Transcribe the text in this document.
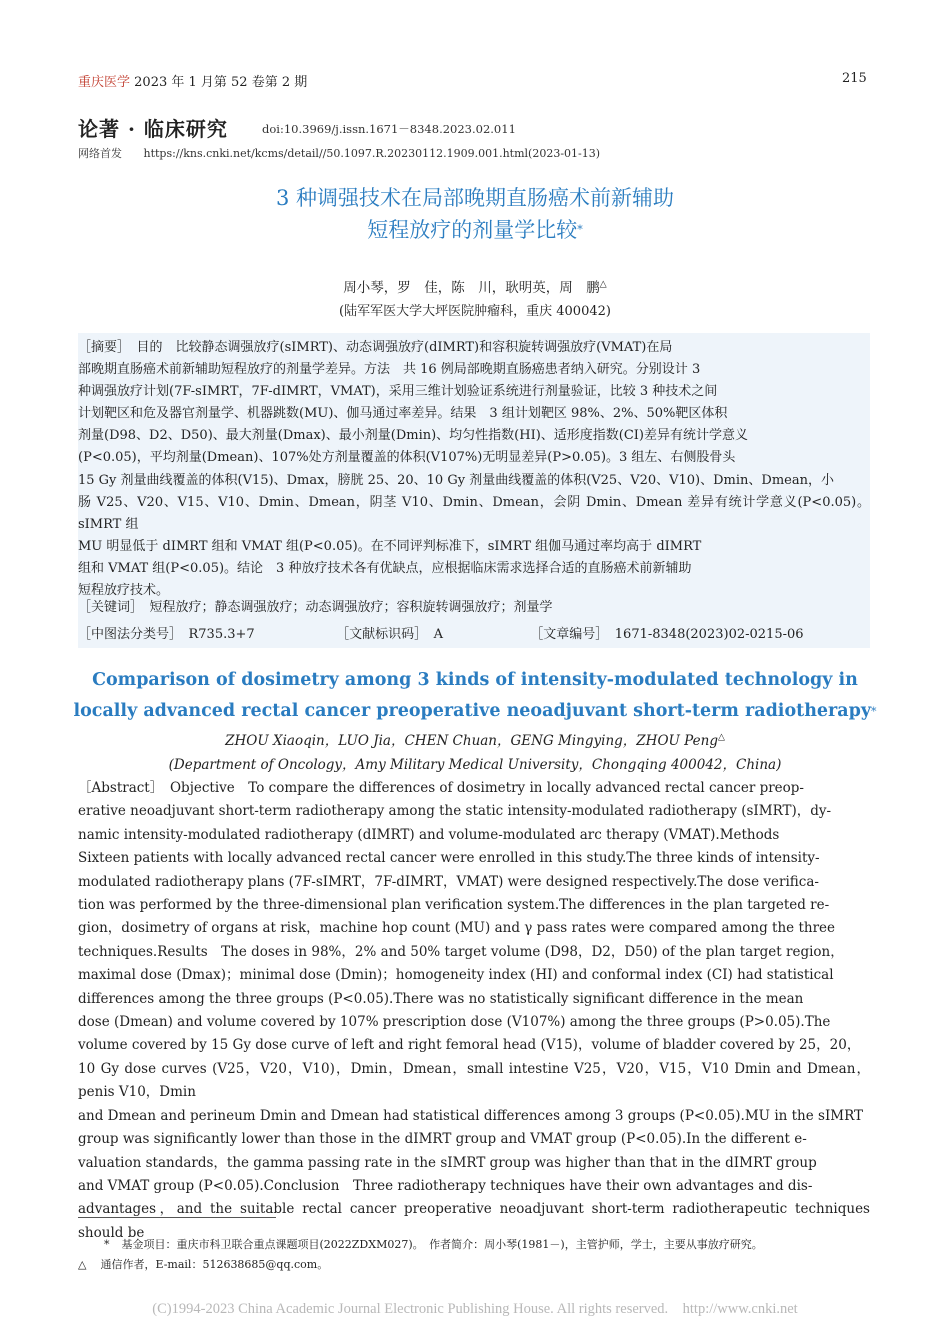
重庆医学 2023 年 1 月第 52 卷第 2 期	215
论著 · 临床研究	doi:10.3969/j.issn.1671－8348.2023.02.011
网络首发 https://kns.cnki.net/kcms/detail//50.1097.R.20230112.1909.001.html(2023-01-13)
3 种调强技术在局部晚期直肠癌术前新辅助
短程放疗的剂量学比较*
周小琴，罗　佳，陈　川，耿明英，周　鹏△
(陆军军医大学大坪医院肿瘤科，重庆 400042)

［摘要］　目的　比较静态调强放疗(sIMRT)、动态调强放疗(dIMRT)和容积旋转调强放疗(VMAT)在局

部晚期直肠癌术前新辅助短程放疗的剂量学差异。方法　共 16 例局部晚期直肠癌患者纳入研究。分别设计 3

种调强放疗计划(7F-sIMRT，7F-dIMRT，VMAT)，采用三维计划验证系统进行剂量验证，比较 3 种技术之间

计划靶区和危及器官剂量学、机器跳数(MU)、伽马通过率差异。结果　3 组计划靶区 98%、2%、50%靶区体积

剂量(D98、D2、D50)、最大剂量(Dmax)、最小剂量(Dmin)、均匀性指数(HI)、适形度指数(CI)差异有统计学意义

(P<0.05)，平均剂量(Dmean)、107%处方剂量覆盖的体积(V107%)无明显差异(P>0.05)。3 组左、右侧股骨头

15 Gy 剂量曲线覆盖的体积(V15)、Dmax，膀胱 25、20、10 Gy 剂量曲线覆盖的体积(V25、V20、V10)、Dmin、Dmean，小

肠 V25、V20、V15、V10、Dmin、Dmean，阴茎 V10、Dmin、Dmean，会阴 Dmin、Dmean 差异有统计学意义(P<0.05)。sIMRT 组

MU 明显低于 dIMRT 组和 VMAT 组(P<0.05)。在不同评判标准下，sIMRT 组伽马通过率均高于 dIMRT

组和 VMAT 组(P<0.05)。结论　3 种放疗技术各有优缺点，应根据临床需求选择合适的直肠癌术前新辅助

短程放疗技术。

［关键词］　短程放疗；静态调强放疗；动态调强放疗；容积旋转调强放疗；剂量学
［中图法分类号］　R735.3+7	［文献标识码］　A	［文章编号］　1671-8348(2023)02-0215-06
Comparison of dosimetry among 3 kinds of intensity-modulated technology in
locally advanced rectal cancer preoperative neoadjuvant short-term radiotherapy*
ZHOU Xiaoqin，LUO Jia，CHEN Chuan，GENG Mingying，ZHOU Peng△
(Department of Oncology，Amy Military Medical University，Chongqing 400042，China)
［Abstract］　Objective　To compare the differences of dosimetry in locally advanced rectal cancer preop-
erative neoadjuvant short-term radiotherapy among the static intensity-modulated radiotherapy (sIMRT)，dy-
namic intensity-modulated radiotherapy (dIMRT) and volume-modulated arc therapy (VMAT).Methods
Sixteen patients with locally advanced rectal cancer were enrolled in this study.The three kinds of intensity-
modulated radiotherapy plans (7F-sIMRT，7F-dIMRT，VMAT) were designed respectively.The dose verifica-
tion was performed by the three-dimensional plan verification system.The differences in the plan targeted re-
gion，dosimetry of organs at risk，machine hop count (MU) and γ pass rates were compared among the three
techniques.Results　The doses in 98%，2% and 50% target volume (D98，D2，D50) of the plan target region，
maximal dose (Dmax)；minimal dose (Dmin)；homogeneity index (HI) and conformal index (CI) had statistical
differences among the three groups (P<0.05).There was no statistically significant difference in the mean
dose (Dmean) and volume covered by 107% prescription dose (V107%) among the three groups (P>0.05).The
volume covered by 15 Gy dose curve of left and right femoral head (V15)，volume of bladder covered by 25，20，
10 Gy dose curves (V25，V20，V10)，Dmin，Dmean，small intestine V25，V20，V15，V10 Dmin and Dmean，penis V10，Dmin
and Dmean and perineum Dmin and Dmean had statistical differences among 3 groups (P<0.05).MU in the sIMRT
group was significantly lower than those in the dIMRT group and VMAT group (P<0.05).In the different e-
valuation standards，the gamma passing rate in the sIMRT group was higher than that in the dIMRT group
and VMAT group (P<0.05).Conclusion　Three radiotherapy techniques have their own advantages and dis-
advantages，and the suitable rectal cancer preoperative neoadjuvant short-term radiotherapeutic techniques should be
* 基金项目：重庆市科卫联合重点课题项目(2022ZDXM027)。　作者简介：周小琴(1981－)，主管护师，学士，主要从事放疗研究。
△ 通信作者，E-mail：512638685@qq.com。
(C)1994-2023 China Academic Journal Electronic Publishing House. All rights reserved.　http://www.cnki.net
